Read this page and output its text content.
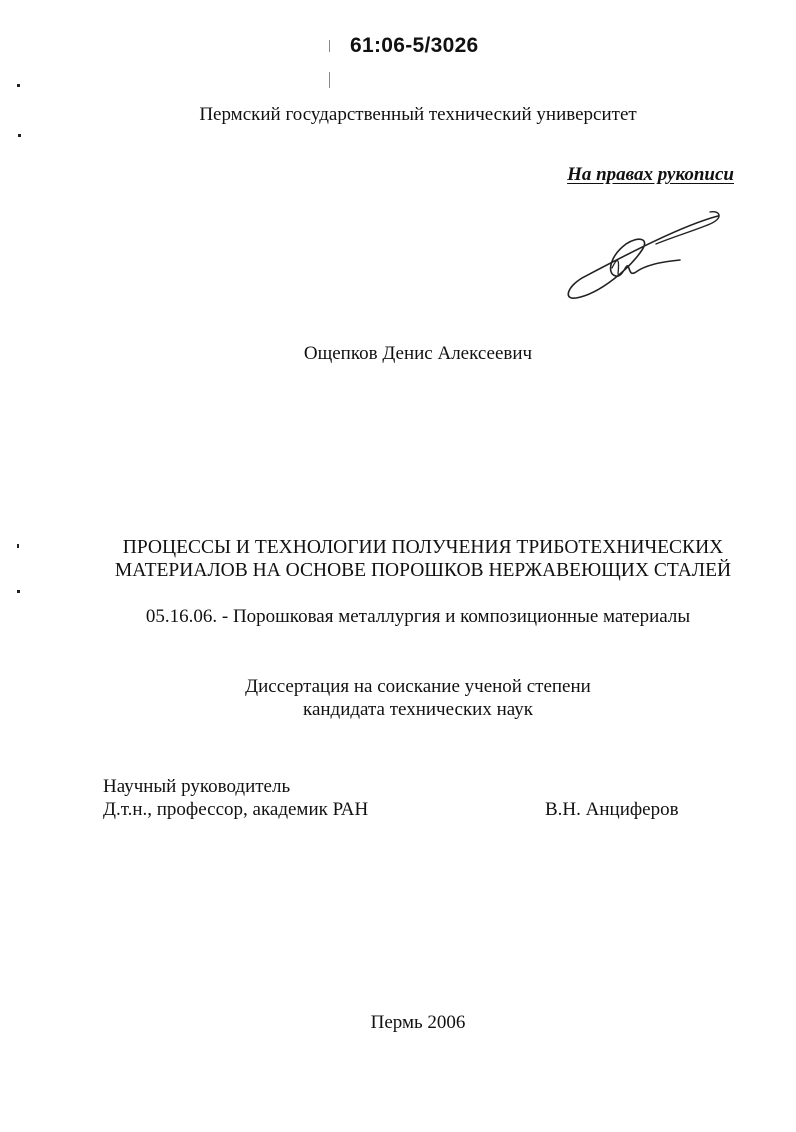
61:06-5/3026
Пермский государственный технический университет
На правах рукописи
Ощепков Денис Алексеевич
ПРОЦЕССЫ И ТЕХНОЛОГИИ ПОЛУЧЕНИЯ ТРИБОТЕХНИЧЕСКИХ
МАТЕРИАЛОВ НА ОСНОВЕ ПОРОШКОВ НЕРЖАВЕЮЩИХ СТАЛЕЙ
05.16.06. - Порошковая металлургия и композиционные материалы
Диссертация на соискание ученой степени
кандидата технических наук
Научный руководитель
Д.т.н., профессор, академик РАН	В.Н. Анциферов
Пермь 2006
